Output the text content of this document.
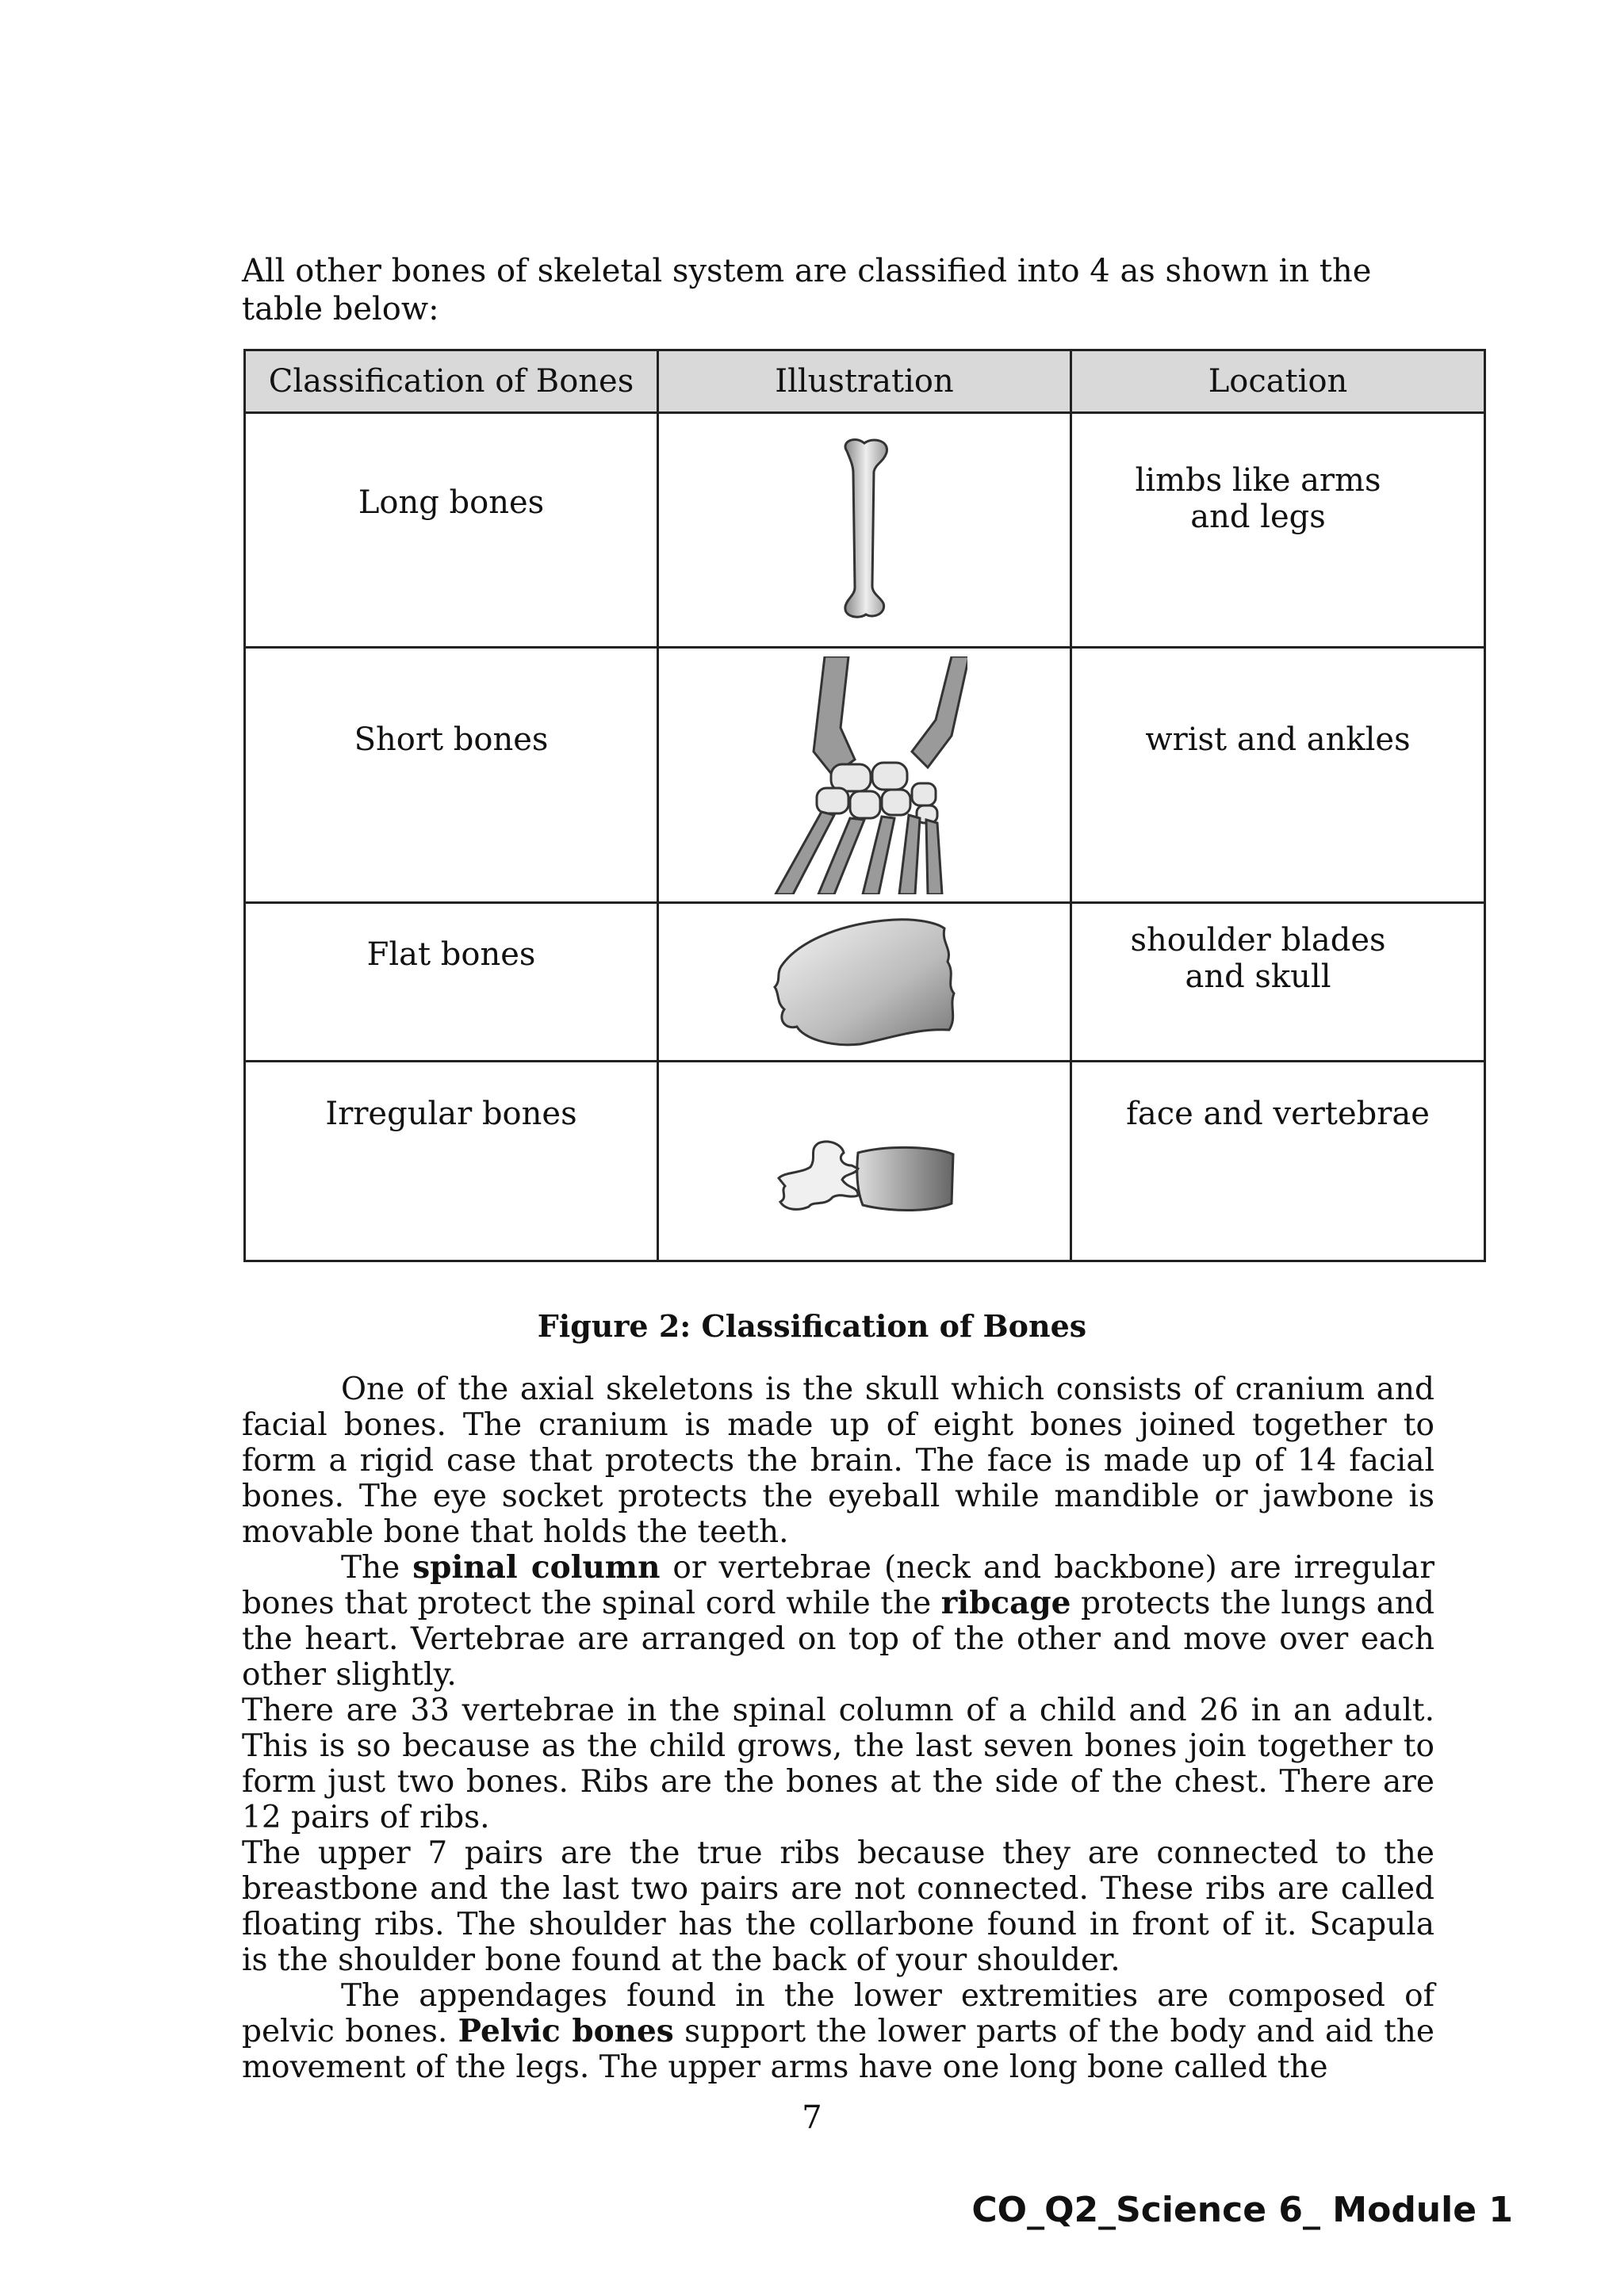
All other bones of skeletal system are classified into 4 as shown in the table below:

Classification of Bones	Illustration	Location
Long bones		limbs like arms and legs
Short bones		wrist and ankles
Flat bones		shoulder blades and skull
Irregular bones		face and vertebrae

Figure 2: Classification of Bones

One of the axial skeletons is the skull which consists of cranium and facial bones. The cranium is made up of eight bones joined together to form a rigid case that protects the brain. The face is made up of 14 facial bones. The eye socket protects the eyeball while mandible or jawbone is movable bone that holds the teeth.

The spinal column or vertebrae (neck and backbone) are irregular bones that protect the spinal cord while the ribcage protects the lungs and the heart. Vertebrae are arranged on top of the other and move over each other slightly.

There are 33 vertebrae in the spinal column of a child and 26 in an adult. This is so because as the child grows, the last seven bones join together to form just two bones. Ribs are the bones at the side of the chest. There are 12 pairs of ribs.

The upper 7 pairs are the true ribs because they are connected to the breastbone and the last two pairs are not connected. These ribs are called floating ribs. The shoulder has the collarbone found in front of it. Scapula is the shoulder bone found at the back of your shoulder.

The appendages found in the lower extremities are composed of pelvic bones. Pelvic bones support the lower parts of the body and aid the movement of the legs. The upper arms have one long bone called the

7

CO_Q2_Science 6_ Module 1
